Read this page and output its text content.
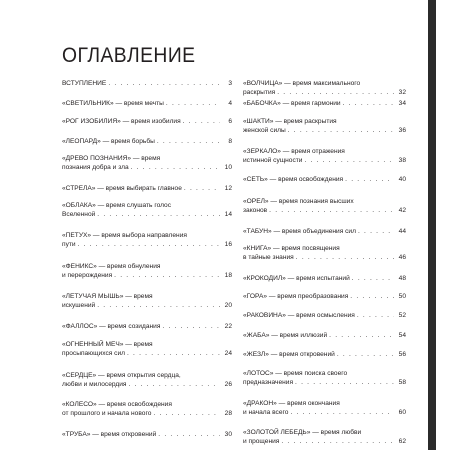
ОГЛАВЛЕНИЕ
ВСТУПЛЕНИЕ . . .	3
«СВЕТИЛЬНИК» — время мечты . . .	4
«РОГ ИЗОБИЛИЯ» — время изобилия . . .	6
«ЛЕОПАРД» — время борьбы . . .	8
«ДРЕВО ПОЗНАНИЯ» — время
познания добра и зла . . .	10
«СТРЕЛА» — время выбирать главное . . .	12
«ОБЛАКА» — время слушать голос
Вселенной . . .	14
«ПЕТУХ» — время выбора направления
пути . . .	16
«ФЕНИКС» — время обнуления
и перерождения . . .	18
«ЛЕТУЧАЯ МЫШЬ» — время
искушений . . .	20
«ФАЛЛОС» — время созидания . . .	22
«ОГНЕННЫЙ МЕЧ» — время
просыпающихся сил . . .	24
«СЕРДЦЕ» — время открытия сердца,
любви и милосердия . . .	26
«КОЛЕСО» — время освобождения
от прошлого и начала нового . . .	28
«ТРУБА» — время откровений . . .	30
«ВОЛЧИЦА» — время максимального
раскрытия . . .	32
«БАБОЧКА» — время гармонии . . .	34
«ШАКТИ» — время раскрытия
женской силы . . .	36
«ЗЕРКАЛО» — время отражения
истинной сущности . . .	38
«СЕТЬ» — время освобождения . . .	40
«ОРЕЛ» — время познания высших
законов . . .	42
«ТАБУН» — время объединения сил . . .	44
«КНИГА» — время посвящения
в тайные знания . . .	46
«КРОКОДИЛ» — время испытаний . . .	48
«ГОРА» — время преобразования . . .	50
«РАКОВИНА» — время осмысления . . .	52
«ЖАБА» — время иллюзий . . .	54
«ЖЕЗЛ» — время откровений . . .	56
«ЛОТОС» — время поиска своего
предназначения . . .	58
«ДРАКОН» — время окончания
и начала всего . . .	60
«ЗОЛОТОЙ ЛЕБЕДЬ» — время любви
и прощения . . .	62
